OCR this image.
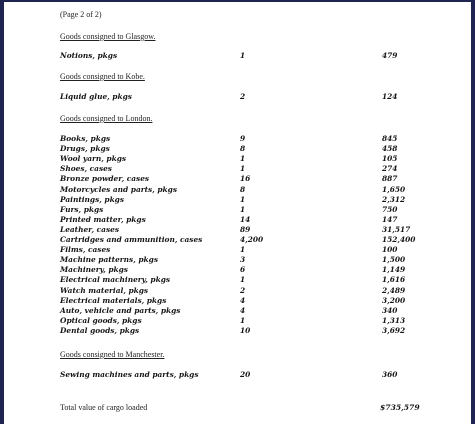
(Page 2 of 2)
Goods consigned to Glasgow.
Notions, pkgs	1	479
Goods consigned to Kobe.
Liquid glue, pkgs	2	124
Goods consigned to London.
Books, pkgs	9	845
Drugs, pkgs	8	458
Wool yarn, pkgs	1	105
Shoes, cases	1	274
Bronze powder, cases	16	887
Motorcycles and parts, pkgs	8	1,650
Paintings, pkgs	1	2,312
Furs, pkgs	1	750
Printed matter, pkgs	14	147
Leather, cases	89	31,517
Cartridges and ammunition, cases	4,200	152,400
Films, cases	1	100
Machine patterns, pkgs	3	1,500
Machinery, pkgs	6	1,149
Electrical machinery, pkgs	1	1,616
Watch material, pkgs	2	2,489
Electrical materials, pkgs	4	3,200
Auto, vehicle and parts, pkgs	4	340
Optical goods, pkgs	1	1,313
Dental goods, pkgs	10	3,692
Goods consigned to Manchester.
Sewing machines and parts, pkgs	20	360
Total value of cargo loaded	$735,579
